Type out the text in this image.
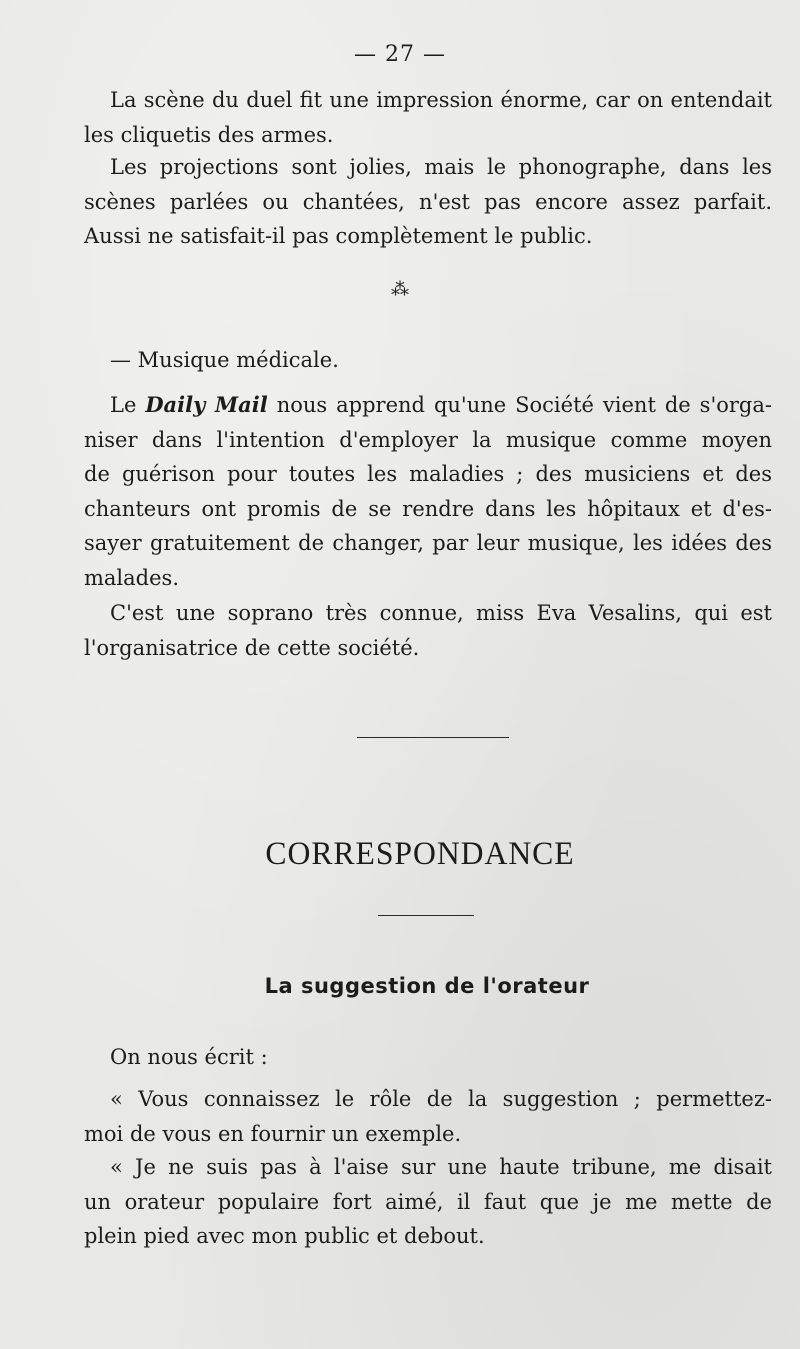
— 27 —
La scène du duel fit une impression énorme, car on entendait
les cliquetis des armes.
Les projections sont jolies, mais le phonographe, dans les
scènes parlées ou chantées, n'est pas encore assez parfait.
Aussi ne satisfait-il pas complètement le public.
⁂
— Musique médicale.
Le Daily Mail nous apprend qu'une Société vient de s'orga-
niser dans l'intention d'employer la musique comme moyen
de guérison pour toutes les maladies ; des musiciens et des
chanteurs ont promis de se rendre dans les hôpitaux et d'es-
sayer gratuitement de changer, par leur musique, les idées des
malades.
C'est une soprano très connue, miss Eva Vesalins, qui est
l'organisatrice de cette société.
CORRESPONDANCE
La suggestion de l'orateur
On nous écrit :
« Vous connaissez le rôle de la suggestion ; permettez-
moi de vous en fournir un exemple.
« Je ne suis pas à l'aise sur une haute tribune, me disait
un orateur populaire fort aimé, il faut que je me mette de
plein pied avec mon public et debout.
